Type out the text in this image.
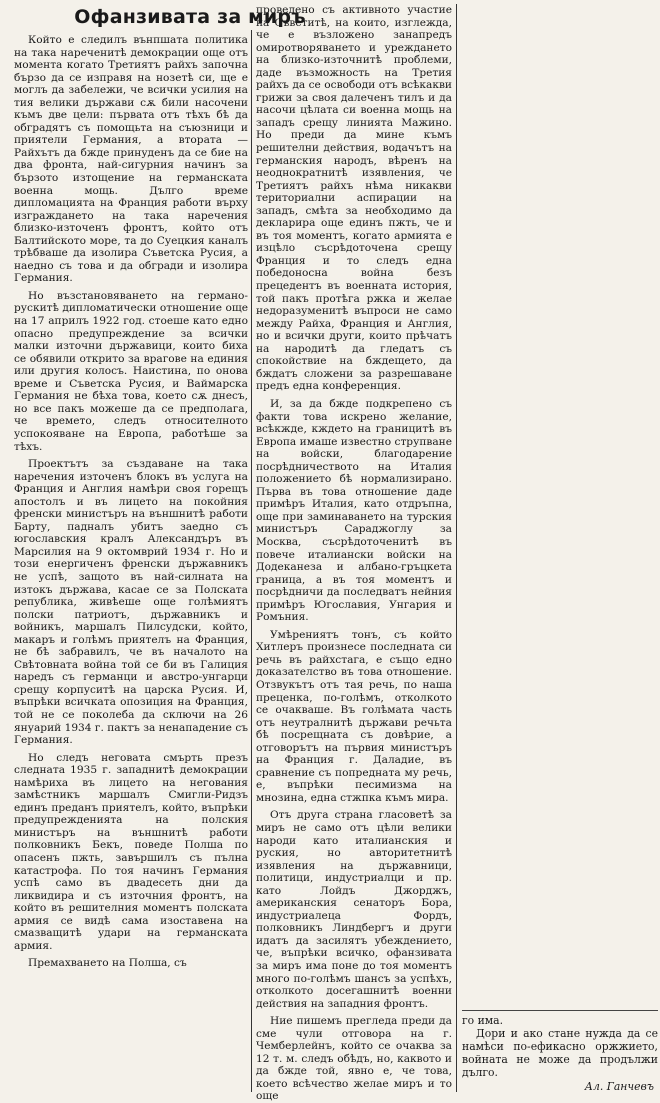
Офанзивата за миръ

Който е следилъ вънпшата политика на така нареченитѣ демокрации още отъ момента когато Третиятъ райхъ започна бързо да се изправя на нозетѣ си, ще е моглъ да забележи, че всички усилия на тия велики държави сѫ били насочени къмъ две цели: първата отъ тѣхъ бѣ да обградятъ съ помощьта на съюзници и приятели Германия, а втората — Райхътъ да бжде принуденъ да се бие на два фронта, най-сигурния начинъ за бързото изтощение на германската военна мощь. Дълго време дипломацията на Франция работи върху изграждането на така наречения близко-източенъ фронтъ, който отъ Балтийското море, та до Суецкия каналъ трѣбваше да изолира Съветска Русия, а наедно съ това и да обгради и изолира Германия.

Но възстановяването на германо-рускитѣ дипломатически отношение още на 17 априлъ 1922 год. стоеше като едно опасно предупреждение за всички малки източни държавици, които биха се обявили открито за врагове на единия или другия колосъ. Наистина, по онова време и Съветска Русия, и Ваймарска Германия не бѣха това, което сѫ днесъ, но все пакъ можеше да се предполага, че времето, следъ относителното успокояване на Европа, работѣше за тѣхъ.

Проектътъ за създаване на така наречения източенъ блокъ въ услуга на Франция и Англия намѣри своя горещъ апостолъ и въ лицето на покойния френски министъръ на външнитѣ работи Барту, падналъ убитъ заедно съ югославския кралъ Александъръ въ Марсилия на 9 октомврий 1934 г. Но и този енергиченъ френски държавникъ не успѣ, защото въ най-силната на изтокъ държава, касае се за Полската република, живѣеше още голѣмиятъ полски патриотъ, държавникъ и войникъ, маршалъ Пилсудски, който, макаръ и голѣмъ приятелъ на Франция, не бѣ забравилъ, че въ началото на Свѣтовната война той се би въ Галиция наредъ съ германци и австро-унгарци срещу корпуситѣ на царска Русия. И, въпрѣки всичката опозиция на Франция, той не се поколеба да сключи на 26 януарий 1934 г. пактъ за ненападение съ Германия.

Но следъ неговата смърть презъ следната 1935 г. западнитѣ демокрации намѣриха въ лицето на негования замѣстникъ маршалъ Смигли-Ридзъ единъ преданъ приятелъ, който, въпрѣки предупрежденията на полския министъръ на външнитѣ работи полковникъ Бекъ, поведе Полша по опасенъ пжть, завършилъ съ пълна катастрофа. По тоя начинъ Германия успѣ само въ двадесеть дни да ликвидира и съ източния фронтъ, на който въ решителния моментъ полската армия се видѣ сама изоставена на смазващитѣ удари на германската армия.

Премахването на Полша, съ

проведено съ активното участие на Съветитѣ, на които, изглежда, че е възложено занапредъ омиротворяването и уреждането на близко-източнитѣ проблеми, даде възможность на Третия райхъ да се освободи отъ всѣкакви грижи за своя далеченъ тилъ и да насочи цѣлата си военна мощь на западъ срещу линията Мажино. Но преди да мине къмъ решителни действия, водачътъ на германския народъ, вѣренъ на неоднократнитѣ изявления, че Третиятъ райхъ нѣма никакви териториални аспирации на западъ, смѣта за необходимо да декларира още единъ пжть, че и въ тоя моментъ, когато армията е изцѣло съсрѣдоточена срещу Франция и то следъ една победоносна война безъ прецедентъ въ военната история, той пакъ протѣга ржка и желае недоразуменитѣ въпроси не само между Райха, Франция и Англия, но и всички други, които прѣчатъ на народитѣ да гледатъ съ спокойствие на бждещето, да бждатъ сложени за разрешаване предъ една конференция.

И, за да бжде подкрепено съ факти това искрено желание, всѣкжде, кждето на границитѣ въ Европа имаше известно струпване на войски, благодарение посрѣдничеството на Италия положението бѣ нормализирано. Първа въ това отношение даде примѣръ Италия, като отдръпна, още при заминаването на турския министъръ Сараджоглу за Москва, съсрѣдоточенитѣ въ повече италиански войски на Додеканеза и албано-гръцкета граница, а въ тоя моментъ и посрѣдничи да последватъ нейния примѣръ Югославия, Унгария и Ромъния.

Умѣрениятъ тонъ, съ който Хитлеръ произнесе последната си речь въ райхстага, е също едно доказателство въ това отношение. Отзвукътъ отъ тая речь, по наша преценка, по-голѣмъ, отколкото се очакваше. Въ голѣмата часть отъ неутралнитѣ държави речьта бѣ посрещната съ довѣрие, а отговорътъ на първия министъръ на Франция г. Даладие, въ сравнение съ попредната му речь, е, въпрѣки песимизма на мнозина, една стжпка къмъ мира.

Отъ друга страна гласоветѣ за миръ не само отъ цѣли велики народи като италианския и руския, но авторитетнитѣ изявления на държавници, политици, индустриалци и пр. като Лойдъ Джорджъ, американския сенаторъ Бора, индустриалеца Фордъ, полковникъ Линдбергъ и други идатъ да засилятъ убеждението, че, въпрѣки всичко, офанзивата за миръ има поне до тоя моментъ много по-голѣмъ шансъ за успѣхъ, отколкото досегашнитѣ военни действия на западния фронтъ.

Ние пишемъ прегледа преди да сме чули отговора на г. Чемберлейнъ, който се очаква за 12 т. м. следъ обѣдъ, но, каквото и да бжде той, явно е, че това, което всѣчество желае миръ и то още

го има.

Дори и ако стане нужда да се намѣси по-ефикасно оржжието, войната не може да продължи дълго.

Ал. Ганчевъ
